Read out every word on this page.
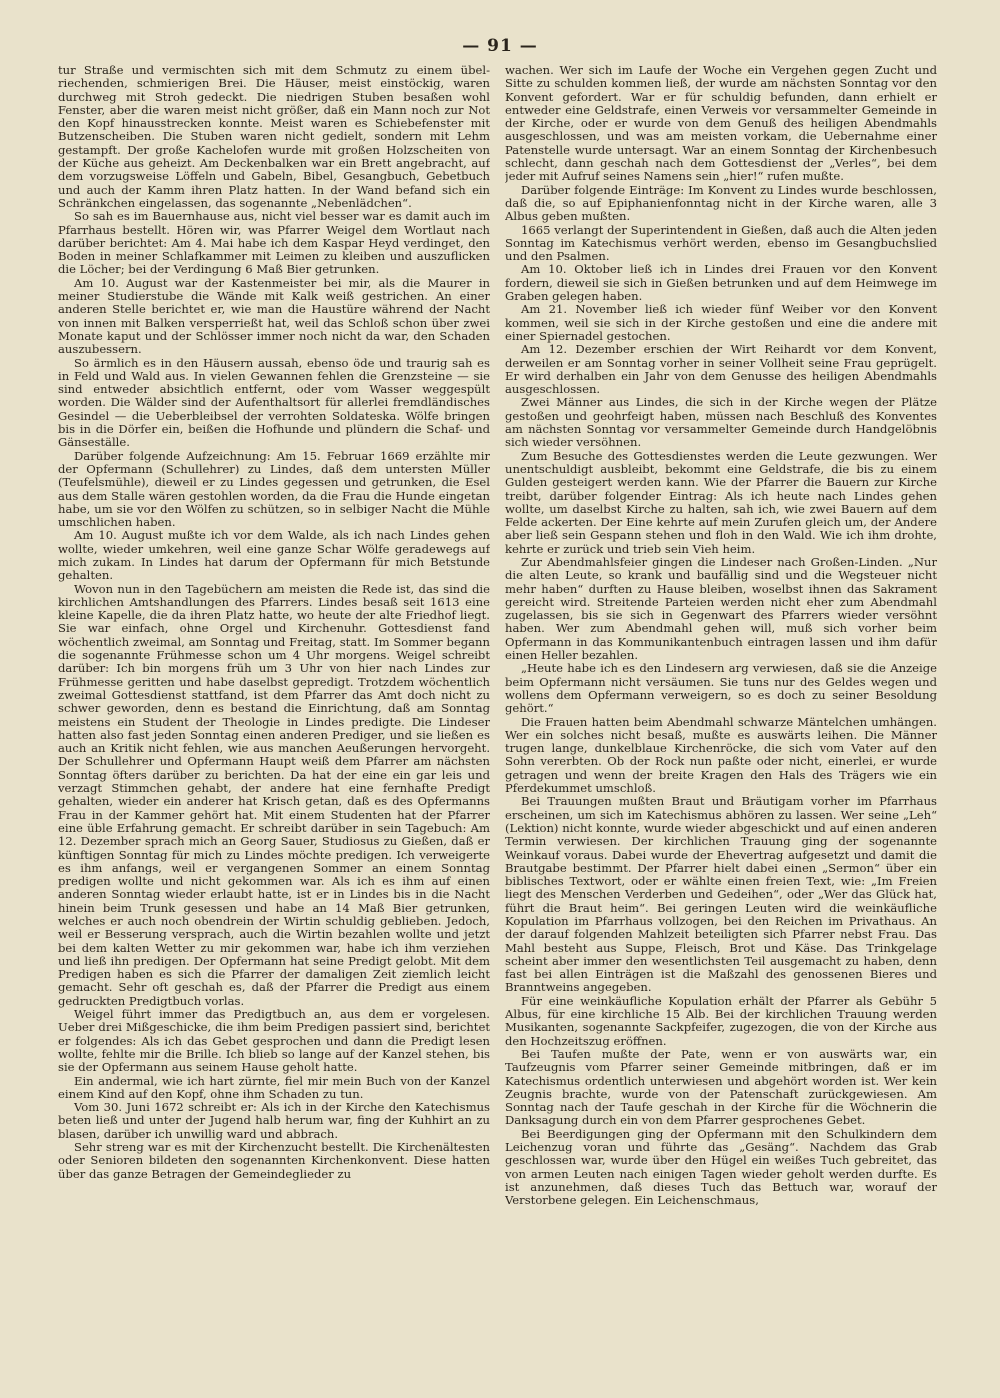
— 91 —

tur Straße und vermischten sich mit dem Schmutz zu einem übelriechenden, schmierigen Brei. Die Häuser, meist einstöckig, waren durchweg mit Stroh gedeckt. Die niedrigen Stuben besaßen wohl Fenster, aber die waren meist nicht größer, daß ein Mann noch zur Not den Kopf hinausstrecken konnte. Meist waren es Schiebefenster mit Butzenscheiben. Die Stuben waren nicht gedielt, sondern mit Lehm gestampft. Der große Kachelofen wurde mit großen Holzscheiten von der Küche aus geheizt. Am Deckenbalken war ein Brett angebracht, auf dem vorzugsweise Löffeln und Gabeln, Bibel, Gesangbuch, Gebetbuch und auch der Kamm ihren Platz hatten. In der Wand befand sich ein Schränkchen eingelassen, das sogenannte „Nebenlädchen“.

So sah es im Bauernhause aus, nicht viel besser war es damit auch im Pfarrhaus bestellt. Hören wir, was Pfarrer Weigel dem Wortlaut nach darüber berichtet: Am 4. Mai habe ich dem Kaspar Heyd verdinget, den Boden in meiner Schlafkammer mit Leimen zu kleiben und auszuflicken die Löcher; bei der Verdingung 6 Maß Bier getrunken.

Am 10. August war der Kastenmeister bei mir, als die Maurer in meiner Studierstube die Wände mit Kalk weiß gestrichen. An einer anderen Stelle berichtet er, wie man die Haustüre während der Nacht von innen mit Balken versperrießt hat, weil das Schloß schon über zwei Monate kaput und der Schlösser immer noch nicht da war, den Schaden auszubessern.

So ärmlich es in den Häusern aussah, ebenso öde und traurig sah es in Feld und Wald aus. In vielen Gewannen fehlen die Grenzsteine — sie sind entweder absichtlich entfernt, oder vom Wasser weggespült worden. Die Wälder sind der Aufenthaltsort für allerlei fremdländisches Gesindel — die Ueberbleibsel der verrohten Soldateska. Wölfe bringen bis in die Dörfer ein, beißen die Hofhunde und plündern die Schaf- und Gänseställe.

Darüber folgende Aufzeichnung: Am 15. Februar 1669 erzählte mir der Opfermann (Schullehrer) zu Lindes, daß dem untersten Müller (Teufelsmühle), dieweil er zu Lindes gegessen und getrunken, die Esel aus dem Stalle wären gestohlen worden, da die Frau die Hunde eingetan habe, um sie vor den Wölfen zu schützen, so in selbiger Nacht die Mühle umschlichen haben.

Am 10. August mußte ich vor dem Walde, als ich nach Lindes gehen wollte, wieder umkehren, weil eine ganze Schar Wölfe geradewegs auf mich zukam. In Lindes hat darum der Opfermann für mich Betstunde gehalten.

Wovon nun in den Tagebüchern am meisten die Rede ist, das sind die kirchlichen Amtshandlungen des Pfarrers. Lindes besaß seit 1613 eine kleine Kapelle, die da ihren Platz hatte, wo heute der alte Friedhof liegt. Sie war einfach, ohne Orgel und Kirchenuhr. Gottesdienst fand wöchentlich zweimal, am Sonntag und Freitag, statt. Im Sommer begann die sogenannte Frühmesse schon um 4 Uhr morgens. Weigel schreibt darüber: Ich bin morgens früh um 3 Uhr von hier nach Lindes zur Frühmesse geritten und habe daselbst gepredigt. Trotzdem wöchentlich zweimal Gottesdienst stattfand, ist dem Pfarrer das Amt doch nicht zu schwer geworden, denn es bestand die Einrichtung, daß am Sonntag meistens ein Student der Theologie in Lindes predigte. Die Lindeser hatten also fast jeden Sonntag einen anderen Prediger, und sie ließen es auch an Kritik nicht fehlen, wie aus manchen Aeußerungen hervorgeht. Der Schullehrer und Opfermann Haupt weiß dem Pfarrer am nächsten Sonntag öfters darüber zu berichten. Da hat der eine ein gar leis und verzagt Stimmchen gehabt, der andere hat eine fernhafte Predigt gehalten, wieder ein anderer hat Krisch getan, daß es des Opfermanns Frau in der Kammer gehört hat. Mit einem Studenten hat der Pfarrer eine üble Erfahrung gemacht. Er schreibt darüber in sein Tagebuch: Am 12. Dezember sprach mich an Georg Sauer, Studiosus zu Gießen, daß er künftigen Sonntag für mich zu Lindes möchte predigen. Ich verweigerte es ihm anfangs, weil er vergangenen Sommer an einem Sonntag predigen wollte und nicht gekommen war. Als ich es ihm auf einen anderen Sonntag wieder erlaubt hatte, ist er in Lindes bis in die Nacht hinein beim Trunk gesessen und habe an 14 Maß Bier getrunken, welches er auch noch obendrein der Wirtin schuldig geblieben. Jedoch, weil er Besserung versprach, auch die Wirtin bezahlen wollte und jetzt bei dem kalten Wetter zu mir gekommen war, habe ich ihm verziehen und ließ ihn predigen. Der Opfermann hat seine Predigt gelobt. Mit dem Predigen haben es sich die Pfarrer der damaligen Zeit ziemlich leicht gemacht. Sehr oft geschah es, daß der Pfarrer die Predigt aus einem gedruckten Predigtbuch vorlas.

Weigel führt immer das Predigtbuch an, aus dem er vorgelesen. Ueber drei Mißgeschicke, die ihm beim Predigen passiert sind, berichtet er folgendes: Als ich das Gebet gesprochen und dann die Predigt lesen wollte, fehlte mir die Brille. Ich blieb so lange auf der Kanzel stehen, bis sie der Opfermann aus seinem Hause geholt hatte.

Ein andermal, wie ich hart zürnte, fiel mir mein Buch von der Kanzel einem Kind auf den Kopf, ohne ihm Schaden zu tun.

Vom 30. Juni 1672 schreibt er: Als ich in der Kirche den Katechismus beten ließ und unter der Jugend halb herum war, fing der Kuhhirt an zu blasen, darüber ich unwillig ward und abbrach.

Sehr streng war es mit der Kirchenzucht bestellt. Die Kirchenältesten oder Senioren bildeten den sogenannten Kirchenkonvent. Diese hatten über das ganze Betragen der Gemeindeglieder zu

wachen. Wer sich im Laufe der Woche ein Vergehen gegen Zucht und Sitte zu schulden kommen ließ, der wurde am nächsten Sonntag vor den Konvent gefordert. War er für schuldig befunden, dann erhielt er entweder eine Geldstrafe, einen Verweis vor versammelter Gemeinde in der Kirche, oder er wurde von dem Genuß des heiligen Abendmahls ausgeschlossen, und was am meisten vorkam, die Uebernahme einer Patenstelle wurde untersagt. War an einem Sonntag der Kirchenbesuch schlecht, dann geschah nach dem Gottesdienst der „Verles“, bei dem jeder mit Aufruf seines Namens sein „hier!“ rufen mußte.

Darüber folgende Einträge: Im Konvent zu Lindes wurde beschlossen, daß die, so auf Epiphanienfonntag nicht in der Kirche waren, alle 3 Albus geben mußten.

1665 verlangt der Superintendent in Gießen, daß auch die Alten jeden Sonntag im Katechismus verhört werden, ebenso im Gesangbuchslied und den Psalmen.

Am 10. Oktober ließ ich in Lindes drei Frauen vor den Konvent fordern, dieweil sie sich in Gießen betrunken und auf dem Heimwege im Graben gelegen haben.

Am 21. November ließ ich wieder fünf Weiber vor den Konvent kommen, weil sie sich in der Kirche gestoßen und eine die andere mit einer Spiernadel gestochen.

Am 12. Dezember erschien der Wirt Reihardt vor dem Konvent, derweilen er am Sonntag vorher in seiner Vollheit seine Frau geprügelt. Er wird derhalben ein Jahr von dem Genusse des heiligen Abendmahls ausgeschlossen.

Zwei Männer aus Lindes, die sich in der Kirche wegen der Plätze gestoßen und geohrfeigt haben, müssen nach Beschluß des Konventes am nächsten Sonntag vor versammelter Gemeinde durch Handgelöbnis sich wieder versöhnen.

Zum Besuche des Gottesdienstes werden die Leute gezwungen. Wer unentschuldigt ausbleibt, bekommt eine Geldstrafe, die bis zu einem Gulden gesteigert werden kann. Wie der Pfarrer die Bauern zur Kirche treibt, darüber folgender Eintrag: Als ich heute nach Lindes gehen wollte, um daselbst Kirche zu halten, sah ich, wie zwei Bauern auf dem Felde ackerten. Der Eine kehrte auf mein Zurufen gleich um, der Andere aber ließ sein Gespann stehen und floh in den Wald. Wie ich ihm drohte, kehrte er zurück und trieb sein Vieh heim.

Zur Abendmahlsfeier gingen die Lindeser nach Großen-Linden. „Nur die alten Leute, so krank und baufällig sind und die Wegsteuer nicht mehr haben“ durften zu Hause bleiben, woselbst ihnen das Sakrament gereicht wird. Streitende Parteien werden nicht eher zum Abendmahl zugelassen, bis sie sich in Gegenwart des Pfarrers wieder versöhnt haben. Wer zum Abendmahl gehen will, muß sich vorher beim Opfermann in das Kommunikantenbuch eintragen lassen und ihm dafür einen Heller bezahlen.

„Heute habe ich es den Lindesern arg verwiesen, daß sie die Anzeige beim Opfermann nicht versäumen. Sie tuns nur des Geldes wegen und wollens dem Opfermann verweigern, so es doch zu seiner Besoldung gehört.“

Die Frauen hatten beim Abendmahl schwarze Mäntelchen umhängen. Wer ein solches nicht besaß, mußte es auswärts leihen. Die Männer trugen lange, dunkelblaue Kirchenröcke, die sich vom Vater auf den Sohn vererbten. Ob der Rock nun paßte oder nicht, einerlei, er wurde getragen und wenn der breite Kragen den Hals des Trägers wie ein Pferdekummet umschloß.

Bei Trauungen mußten Braut und Bräutigam vorher im Pfarrhaus erscheinen, um sich im Katechismus abhören zu lassen. Wer seine „Leh“ (Lektion) nicht konnte, wurde wieder abgeschickt und auf einen anderen Termin verwiesen. Der kirchlichen Trauung ging der sogenannte Weinkauf voraus. Dabei wurde der Ehevertrag aufgesetzt und damit die Brautgabe bestimmt. Der Pfarrer hielt dabei einen „Sermon“ über ein biblisches Textwort, oder er wählte einen freien Text, wie: „Im Freien liegt des Menschen Verderben und Gedeihen“, oder „Wer das Glück hat, führt die Braut heim“. Bei geringen Leuten wird die weinkäufliche Kopulation im Pfarrhaus vollzogen, bei den Reichen im Privathaus. An der darauf folgenden Mahlzeit beteiligten sich Pfarrer nebst Frau. Das Mahl besteht aus Suppe, Fleisch, Brot und Käse. Das Trinkgelage scheint aber immer den wesentlichsten Teil ausgemacht zu haben, denn fast bei allen Einträgen ist die Maßzahl des genossenen Bieres und Branntweins angegeben.

Für eine weinkäufliche Kopulation erhält der Pfarrer als Gebühr 5 Albus, für eine kirchliche 15 Alb. Bei der kirchlichen Trauung werden Musikanten, sogenannte Sackpfeifer, zugezogen, die von der Kirche aus den Hochzeitszug eröffnen.

Bei Taufen mußte der Pate, wenn er von auswärts war, ein Taufzeugnis vom Pfarrer seiner Gemeinde mitbringen, daß er im Katechismus ordentlich unterwiesen und abgehört worden ist. Wer kein Zeugnis brachte, wurde von der Patenschaft zurückgewiesen. Am Sonntag nach der Taufe geschah in der Kirche für die Wöchnerin die Danksagung durch ein von dem Pfarrer gesprochenes Gebet.

Bei Beerdigungen ging der Opfermann mit den Schulkindern dem Leichenzug voran und führte das „Gesäng“. Nachdem das Grab geschlossen war, wurde über den Hügel ein weißes Tuch gebreitet, das von armen Leuten nach einigen Tagen wieder geholt werden durfte. Es ist anzunehmen, daß dieses Tuch das Bettuch war, worauf der Verstorbene gelegen. Ein Leichenschmaus,
